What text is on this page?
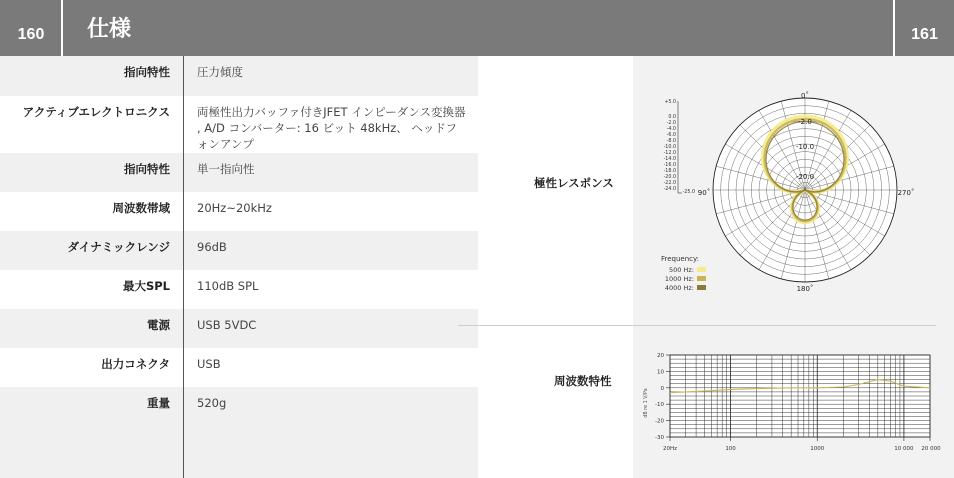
160	仕様	161
指向特性 圧力傾度
アクティブエレクトロニクス 両極性出力バッファ付きJFET インピーダンス変換器 , A/D コンバーター: 16 ビット 48kHz、 ヘッドフォンアンプ
指向特性 単一指向性
周波数帯域 20Hz~20kHz
ダイナミックレンジ 96dB
最大SPL 110dB SPL
電源 USB 5VDC
出力コネクタ USB
重量 520g
極性レスポンス
周波数特性
0˚
90˚	270˚
180˚
-2.0
-10.0
-20.0
+5.0
0.0
-2.0
-4.0
-6.0
-8.0
-10.0
-12.0
-14.0
-16.0
-18.0
-20.0
-22.0
-24.0
-25.0
Frequency:
500 Hz:
1000 Hz:
4000 Hz:
20
10
0
-10
-20
-30
20Hz	100	1000	10 000 20 000
dB re 1 V/Pa
